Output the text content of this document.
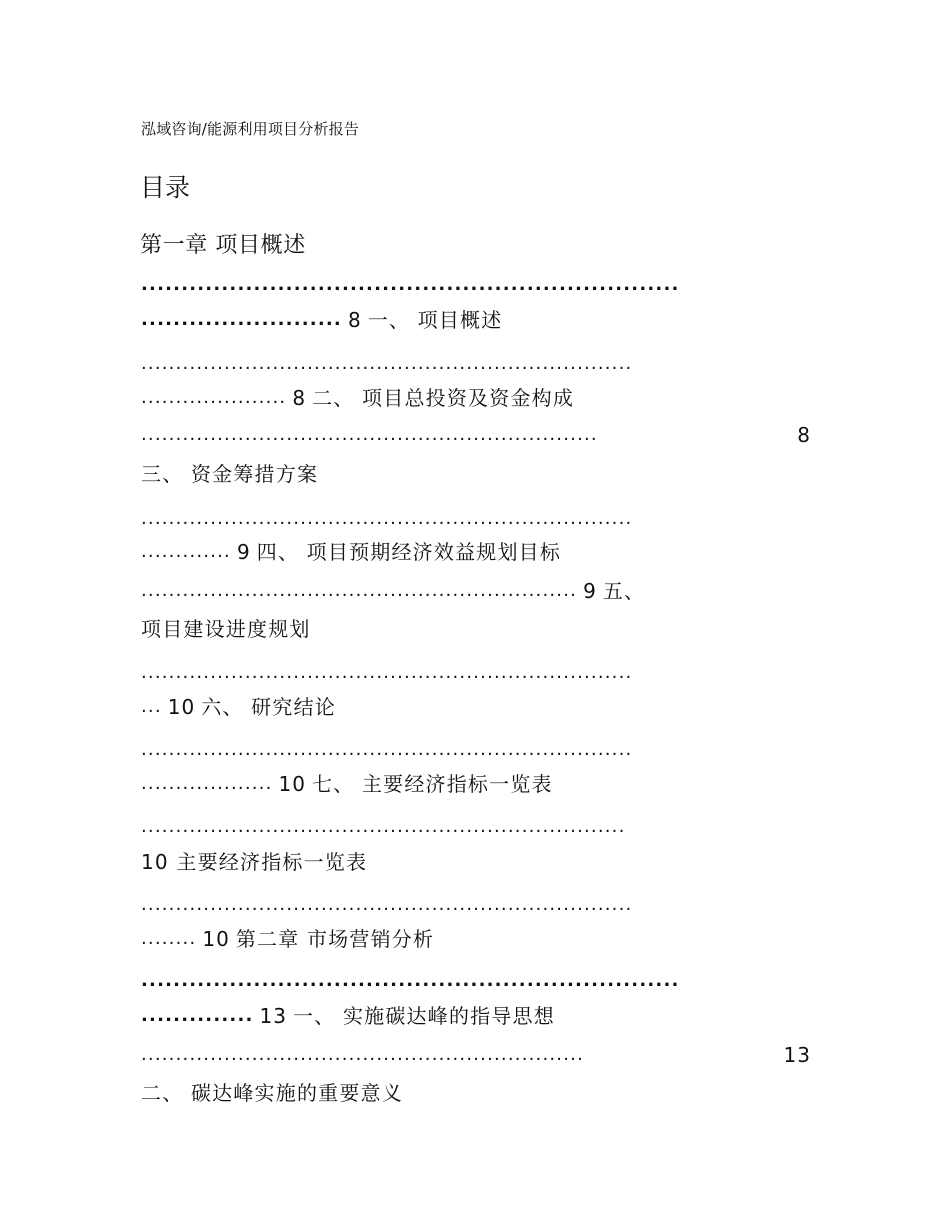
泓域咨询/能源利用项目分析报告
目录
第一章 项目概述
...................................................................
......................... 8 一、 项目概述
.......................................................................
..................... 8 二、 项目总投资及资金构成
..................................................................	8
三、 资金筹措方案
.......................................................................
............. 9 四、 项目预期经济效益规划目标
............................................................... 9 五、
项目建设进度规划
.......................................................................
... 10 六、 研究结论
.......................................................................
................... 10 七、 主要经济指标一览表
......................................................................
10 主要经济指标一览表
.......................................................................
........ 10 第二章 市场营销分析
...................................................................
.............. 13 一、 实施碳达峰的指导思想
................................................................	13
二、 碳达峰实施的重要意义
